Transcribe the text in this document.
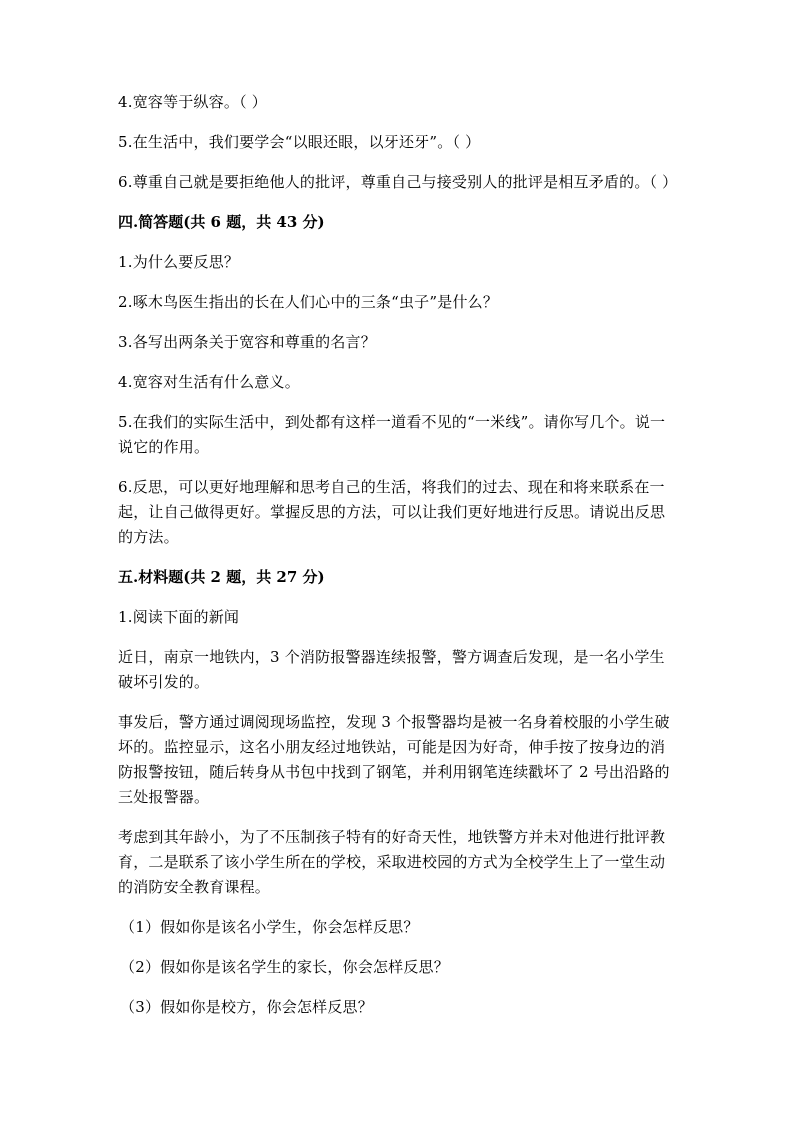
4.宽容等于纵容。（ ）

5.在生活中，我们要学会“以眼还眼，以牙还牙”。（ ）

6.尊重自己就是要拒绝他人的批评，尊重自己与接受别人的批评是相互矛盾的。（ ）

四.简答题(共 6 题，共 43 分)

1.为什么要反思？

2.啄木鸟医生指出的长在人们心中的三条“虫子”是什么？

3.各写出两条关于宽容和尊重的名言？

4.宽容对生活有什么意义。

5.在我们的实际生活中，到处都有这样一道看不见的“一米线”。请你写几个。说一说它的作用。

6.反思，可以更好地理解和思考自己的生活，将我们的过去、现在和将来联系在一起，让自己做得更好。掌握反思的方法，可以让我们更好地进行反思。请说出反思的方法。

五.材料题(共 2 题，共 27 分)

1.阅读下面的新闻

近日，南京一地铁内，3 个消防报警器连续报警，警方调查后发现，是一名小学生破坏引发的。

事发后，警方通过调阅现场监控，发现 3 个报警器均是被一名身着校服的小学生破坏的。监控显示，这名小朋友经过地铁站，可能是因为好奇，伸手按了按身边的消防报警按钮，随后转身从书包中找到了钢笔，并利用钢笔连续戳坏了 2 号出沿路的三处报警器。

考虑到其年龄小，为了不压制孩子特有的好奇天性，地铁警方并未对他进行批评教育，二是联系了该小学生所在的学校，采取进校园的方式为全校学生上了一堂生动的消防安全教育课程。

（1）假如你是该名小学生，你会怎样反思？

（2）假如你是该名学生的家长，你会怎样反思？

（3）假如你是校方，你会怎样反思？
